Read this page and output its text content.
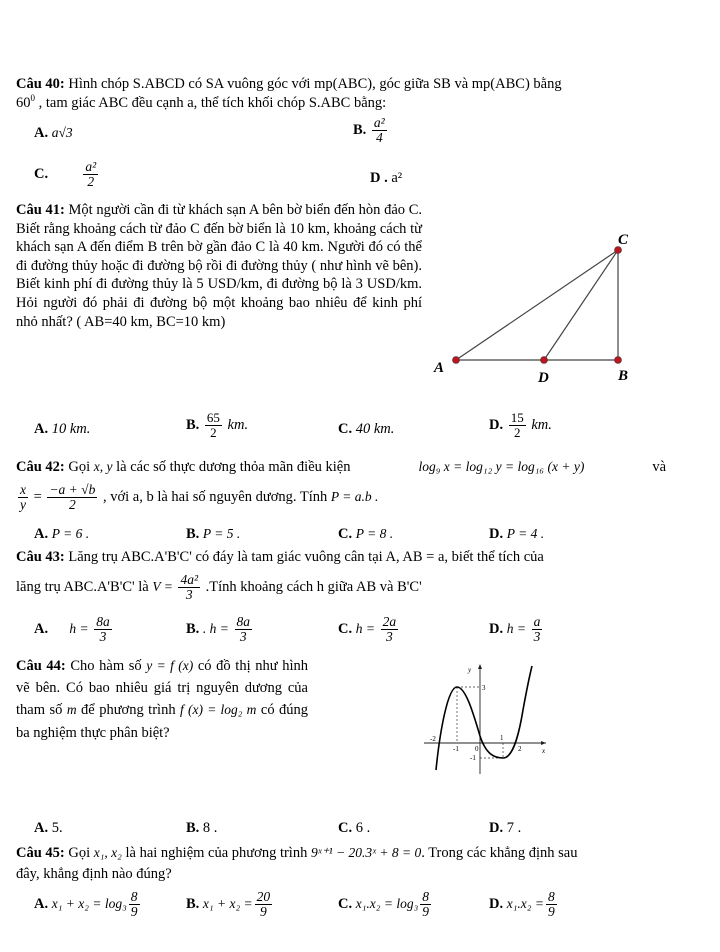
Câu 40: Hình chóp S.ABCD có SA vuông góc với mp(ABC), góc giữa SB và mp(ABC) bằng
$60^0$ , tam giác ABC đều cạnh a, thể tích khối chóp S.ABC bằng:
A. a√3	B. $\frac{\text{a²}}{4}$
C.	$\frac{\text{a²}}{2}$	D . a²
Câu 41: Một người cần đi từ khách sạn A bên bờ biển đến hòn đảo C. Biết rằng khoảng cách từ đảo C đến bờ biển là 10 km, khoảng cách từ khách sạn A đến điểm B trên bờ gần đảo C là 40 km. Người đó có thể đi đường thủy hoặc đi đường bộ rồi đi đường thủy ( như hình vẽ bên). Biết kinh phí đi đường thủy là 5 USD/km, đi đường bộ là 3 USD/km. Hỏi người đó phải đi đường bộ một khoảng bao nhiêu để kinh phí nhỏ nhất? ( AB=40 km, BC=10 km)
A
D	B
C
A. 10 km.	B. $\frac{65}{2}$ km.	C. 40 km.	D. $\frac{15}{2}$ km.
Câu 42: Gọi x, y là các số thực dương thỏa mãn điều kiện	log₉ x = log₁₂ y = log₁₆ (x + y)	và
$\frac{x}{y} = \frac{-a + √b}{2}$ , với a, b là hai số nguyên dương. Tính P = a.b .
A. P = 6 .	B. P = 5 .	C. P = 8 .	D. P = 4 .
Câu 43: Lăng trụ ABC.A'B'C' có đáy là tam giác vuông cân tại A, AB = a, biết thể tích của
lăng trụ ABC.A'B'C' là $V = \frac{\text{4a²}}{3}$ .Tính khoảng cách h giữa AB và B'C'
A. $h = \frac{8a}{3}$	B. . $h = \frac{8a}{3}$	C. $h = \frac{2a}{3}$	D. $h = \frac{a}{3}$
Câu 44: Cho hàm số y = f (x) có đồ thị như hình vẽ bên. Có bao nhiêu giá trị nguyên dương của tham số m để phương trình f (x) = log₂ m có đúng ba nghiệm thực phân biệt?
y
x
3
-1
-2
-1 0
1
2
A. 5.	B. 8 .	C. 6 .	D. 7 .
Câu 45: Gọi x₁, x₂ là hai nghiệm của phương trình 9ˣ⁺¹ − 20.3ˣ + 8 = 0. Trong các khẳng định sau
đây, khẳng định nào đúng?
A. $x_1 + x_2 = \log_3 \frac{8}{9}$	B. $x_1 + x_2 = \frac{20}{9}$	C. $x_1.x_2 = \log_3 \frac{8}{9}$	D. $x_1.x_2 = \frac{8}{9}$
